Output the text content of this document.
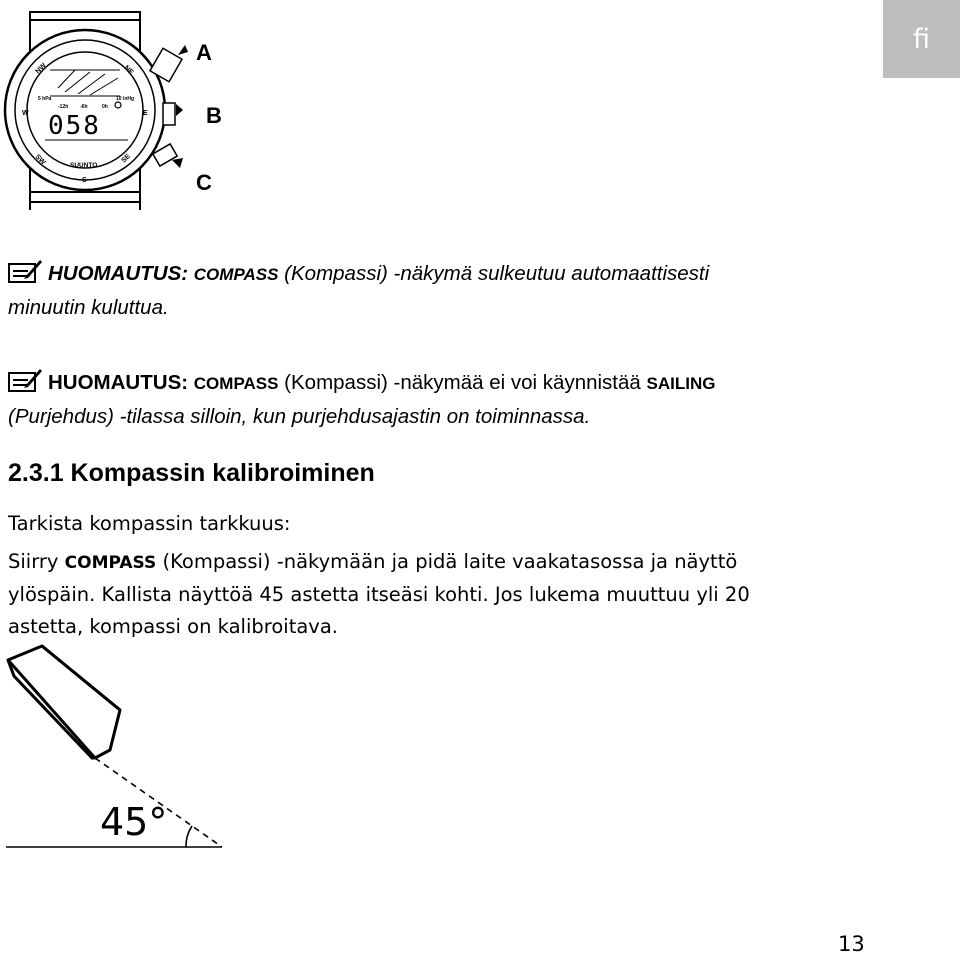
fi
NW	NE
W	E
SW	SE
S
5 hPa
-12h -6h	0h
10 inHg
058
SUUNTO
A
B
C
HUOMAUTUS: COMPASS (Kompassi) -näkymä sulkeutuu automaattisesti
minuutin kuluttua.
HUOMAUTUS: COMPASS (Kompassi) -näkymää ei voi käynnistää SAILING
(Purjehdus) -tilassa silloin, kun purjehdusajastin on toiminnassa.
2.3.1 Kompassin kalibroiminen

Tarkista kompassin tarkkuus:

Siirry COMPASS (Kompassi) -näkymään ja pidä laite vaakatasossa ja näyttö
ylöspäin. Kallista näyttöä 45 astetta itseäsi kohti. Jos lukema muuttuu yli 20
astetta, kompassi on kalibroitava.

45°
13
